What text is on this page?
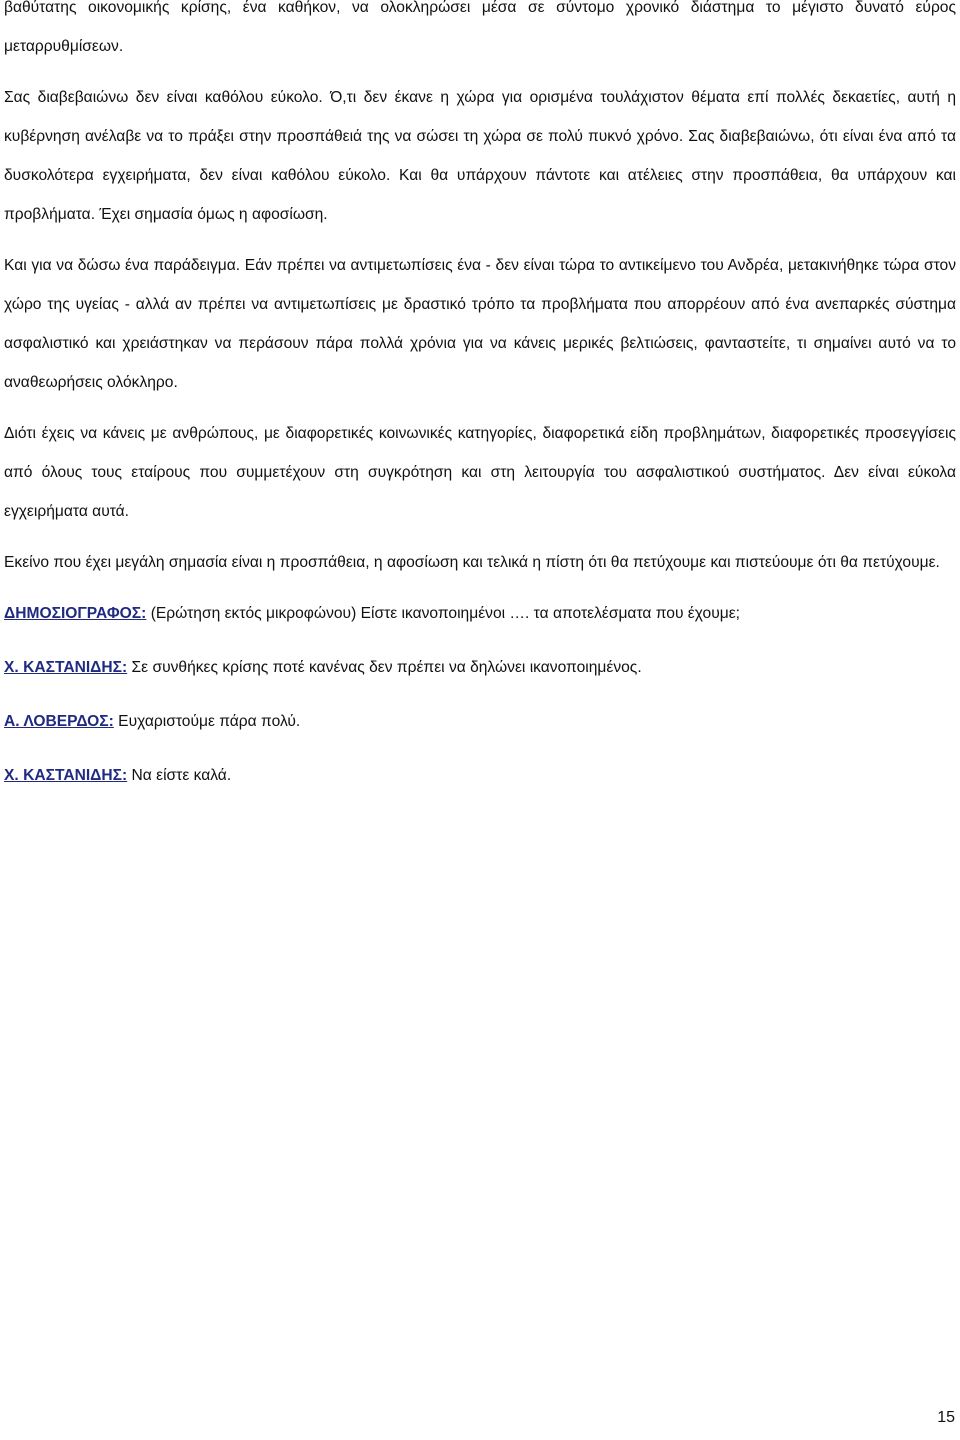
βαθύτατης οικονομικής κρίσης, ένα καθήκον, να ολοκληρώσει μέσα σε σύντομο χρονικό διάστημα το μέγιστο δυνατό εύρος μεταρρυθμίσεων.

Σας διαβεβαιώνω δεν είναι καθόλου εύκολο. Ό,τι δεν έκανε η χώρα για ορισμένα τουλάχιστον θέματα επί πολλές δεκαετίες, αυτή η κυβέρνηση ανέλαβε να το πράξει στην προσπάθειά της να σώσει τη χώρα σε πολύ πυκνό χρόνο. Σας διαβεβαιώνω, ότι είναι ένα από τα δυσκολότερα εγχειρήματα, δεν είναι καθόλου εύκολο. Και θα υπάρχουν πάντοτε και ατέλειες στην προσπάθεια, θα υπάρχουν και προβλήματα. Έχει σημασία όμως η αφοσίωση.

Και για να δώσω ένα παράδειγμα. Εάν πρέπει να αντιμετωπίσεις ένα - δεν είναι τώρα το αντικείμενο του Ανδρέα, μετακινήθηκε τώρα στον χώρο της υγείας - αλλά αν πρέπει να αντιμετωπίσεις με δραστικό τρόπο τα προβλήματα που απορρέουν από ένα ανεπαρκές σύστημα ασφαλιστικό και χρειάστηκαν να περάσουν πάρα πολλά χρόνια για να κάνεις μερικές βελτιώσεις, φανταστείτε, τι σημαίνει αυτό να το αναθεωρήσεις ολόκληρο.

Διότι έχεις να κάνεις με ανθρώπους, με διαφορετικές κοινωνικές κατηγορίες, διαφορετικά είδη προβλημάτων, διαφορετικές προσεγγίσεις από όλους τους εταίρους που συμμετέχουν στη συγκρότηση και στη λειτουργία του ασφαλιστικού συστήματος. Δεν είναι εύκολα εγχειρήματα αυτά.

Εκείνο που έχει μεγάλη σημασία είναι η προσπάθεια, η αφοσίωση και τελικά η πίστη ότι θα πετύχουμε και πιστεύουμε ότι θα πετύχουμε.

ΔΗΜΟΣΙΟΓΡΑΦΟΣ: (Ερώτηση εκτός μικροφώνου) Είστε ικανοποιημένοι …. τα αποτελέσματα που έχουμε;

Χ. ΚΑΣΤΑΝΙΔΗΣ: Σε συνθήκες κρίσης ποτέ κανένας δεν πρέπει να δηλώνει ικανοποιημένος.

Α. ΛΟΒΕΡΔΟΣ: Ευχαριστούμε πάρα πολύ.

Χ. ΚΑΣΤΑΝΙΔΗΣ: Να είστε καλά.

15
